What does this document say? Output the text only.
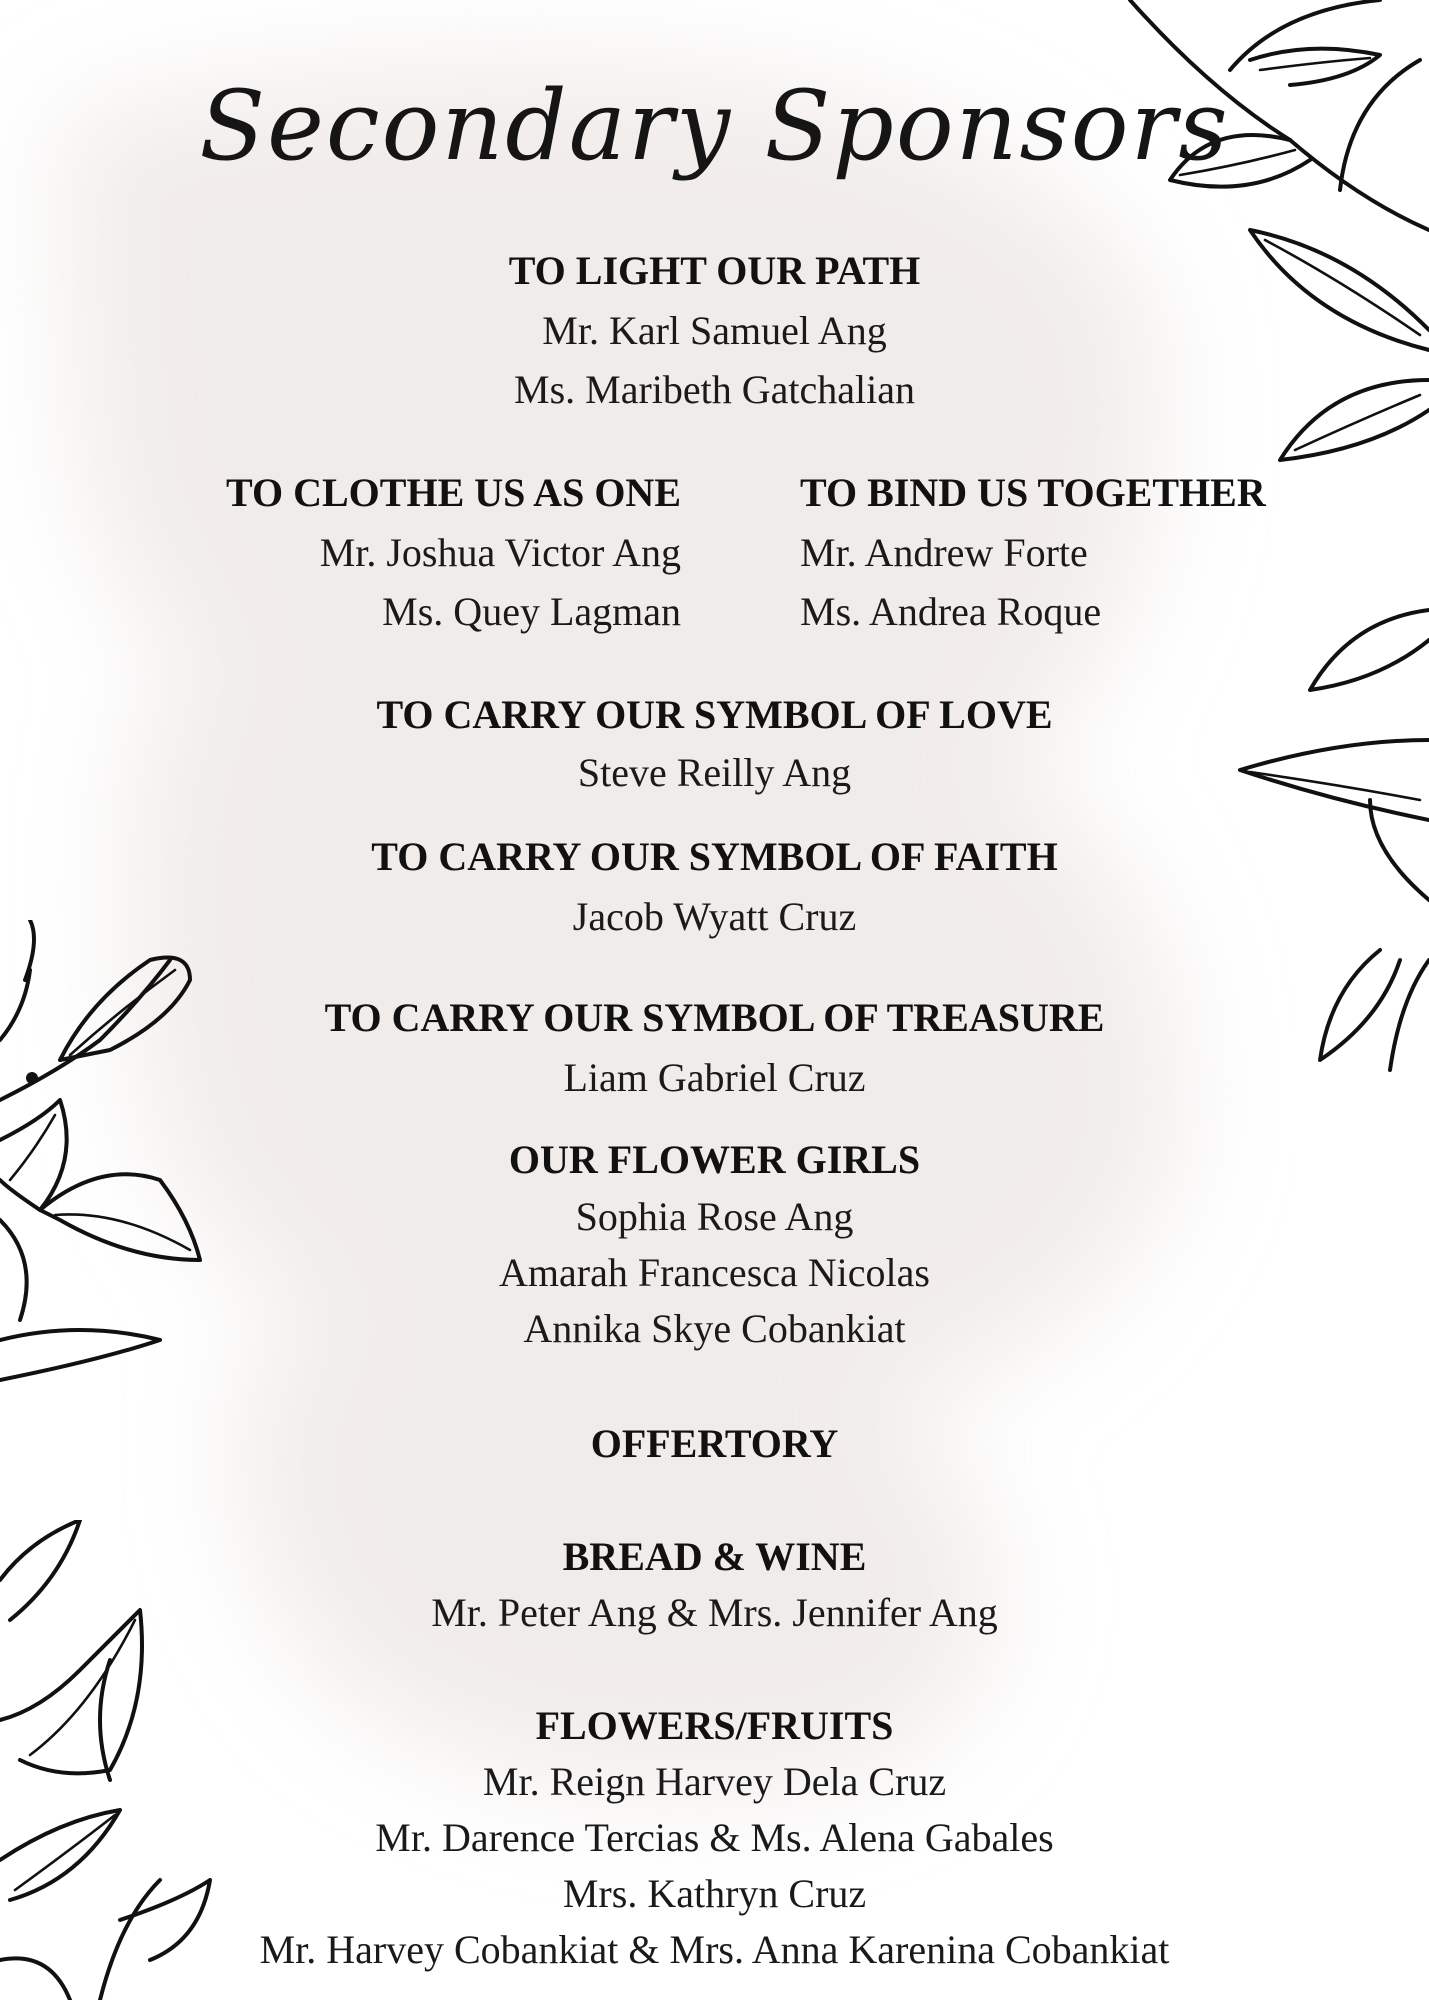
Secondary Sponsors
TO LIGHT OUR PATH

Mr. Karl Samuel Ang

Ms. Maribeth Gatchalian

TO CLOTHE US AS ONE

Mr. Joshua Victor Ang

Ms. Quey Lagman

TO BIND US TOGETHER

Mr. Andrew Forte

Ms. Andrea Roque

TO CARRY OUR SYMBOL OF LOVE

Steve Reilly Ang

TO CARRY OUR SYMBOL OF FAITH

Jacob Wyatt Cruz

TO CARRY OUR SYMBOL OF TREASURE

Liam Gabriel Cruz

OUR FLOWER GIRLS

Sophia Rose Ang

Amarah Francesca Nicolas

Annika Skye Cobankiat

OFFERTORY
BREAD & WINE

Mr. Peter Ang & Mrs. Jennifer Ang

FLOWERS/FRUITS

Mr. Reign Harvey Dela Cruz

Mr. Darence Tercias & Ms. Alena Gabales

Mrs. Kathryn Cruz

Mr. Harvey Cobankiat & Mrs. Anna Karenina Cobankiat
